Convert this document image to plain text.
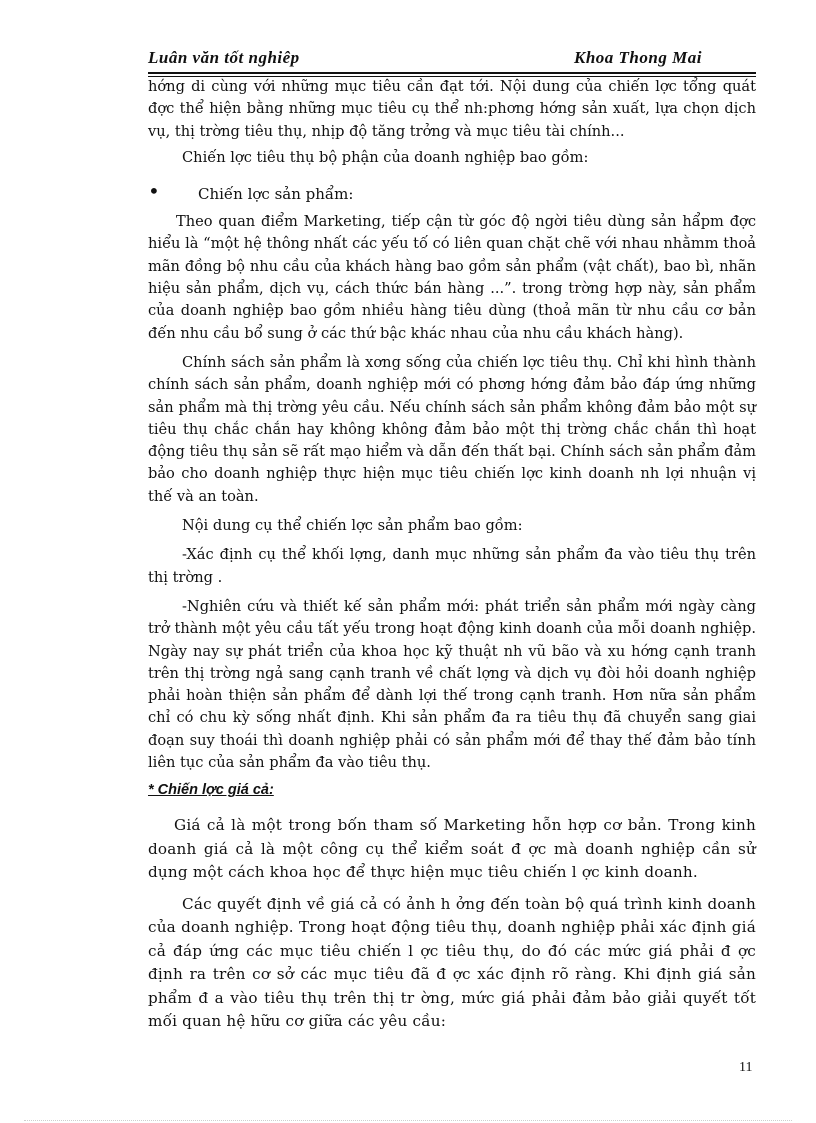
Luân văn tốt nghiêp	Khoa Thong Mai

hớng di cùng với những mục tiêu cần đạt tới. Nội dung của chiến lợc tổng quát đợc thể hiện bằng những mục tiêu cụ thể nh:phơng hớng sản xuất, lựa chọn dịch vụ, thị trờng tiêu thụ, nhịp độ tăng trởng và mục tiêu tài chính...

Chiến lợc tiêu thụ bộ phận của doanh nghiệp bao gồm:

•	Chiến lợc sản phẩm:

Theo quan điểm Marketing, tiếp cận từ góc độ ngời tiêu dùng sản hẩpm đợc hiểu là “một hệ thông nhất các yếu tố có liên quan chặt chẽ với nhau nhằmm thoả mãn đồng bộ nhu cầu của khách hàng bao gồm sản phẩm (vật chất), bao bì, nhãn hiệu sản phẩm, dịch vụ, cách thức bán hàng ...”. trong trờng hợp này, sản phẩm của doanh nghiệp bao gồm nhiều hàng tiêu dùng (thoả mãn từ nhu cầu cơ bản đến nhu cầu bổ sung ở các thứ bậc khác nhau của nhu cầu khách hàng).

Chính sách sản phẩm là xơng sống của chiến lợc tiêu thụ. Chỉ khi hình thành chính sách sản phẩm, doanh nghiệp mới có phơng hớng đảm bảo đáp ứng những sản phẩm mà thị trờng yêu cầu. Nếu chính sách sản phẩm không đảm bảo một sự tiêu thụ chắc chắn hay không không đảm bảo một thị trờng chắc chắn thì hoạt động tiêu thụ sản sẽ rất mạo hiểm và dẫn đến thất bại. Chính sách sản phẩm đảm bảo cho doanh nghiệp thực hiện mục tiêu chiến lợc kinh doanh nh lợi nhuận vị thế và an toàn.

Nội dung cụ thể chiến lợc sản phẩm bao gồm:

-Xác định cụ thể khối lợng, danh mục những sản phẩm đa vào tiêu thụ trên thị trờng .

-Nghiên cứu và thiết kế sản phẩm mới: phát triển sản phẩm mới ngày càng trở thành một yêu cầu tất yếu trong hoạt động kinh doanh của mỗi doanh nghiệp. Ngày nay sự phát triển của khoa học kỹ thuật nh vũ bão và xu hớng cạnh tranh trên thị trờng ngả sang cạnh tranh về chất lợng và dịch vụ đòi hỏi doanh nghiệp phải hoàn thiện sản phẩm để dành lợi thế trong cạnh tranh. Hơn nữa sản phẩm chỉ có chu kỳ sống nhất định. Khi sản phẩm đa ra tiêu thụ đã chuyển sang giai đoạn suy thoái thì doanh nghiệp phải có sản phẩm mới để thay thế đảm bảo tính liên tục của sản phẩm đa vào tiêu thụ.

* Chiến lợc giá cả:

Giá cả là một trong bốn tham số Marketing hỗn hợp cơ bản. Trong kinh doanh giá cả là một công cụ thể kiểm soát đ ợc mà doanh nghiệp cần sử dụng một cách khoa học để thực hiện mục tiêu chiến l ợc kinh doanh.

Các quyết định về giá cả có ảnh h ởng đến toàn bộ quá trình kinh doanh của doanh nghiệp. Trong hoạt động tiêu thụ, doanh nghiệp phải xác định giá cả đáp ứng các mục tiêu chiến l ợc tiêu thụ, do đó các mức giá phải đ ợc định ra trên cơ sở các mục tiêu đã đ ợc xác định rõ ràng. Khi định giá sản phẩm đ a vào tiêu thụ trên thị tr ờng, mức giá phải đảm bảo giải quyết tốt mối quan hệ hữu cơ giữa các yêu cầu:

11
